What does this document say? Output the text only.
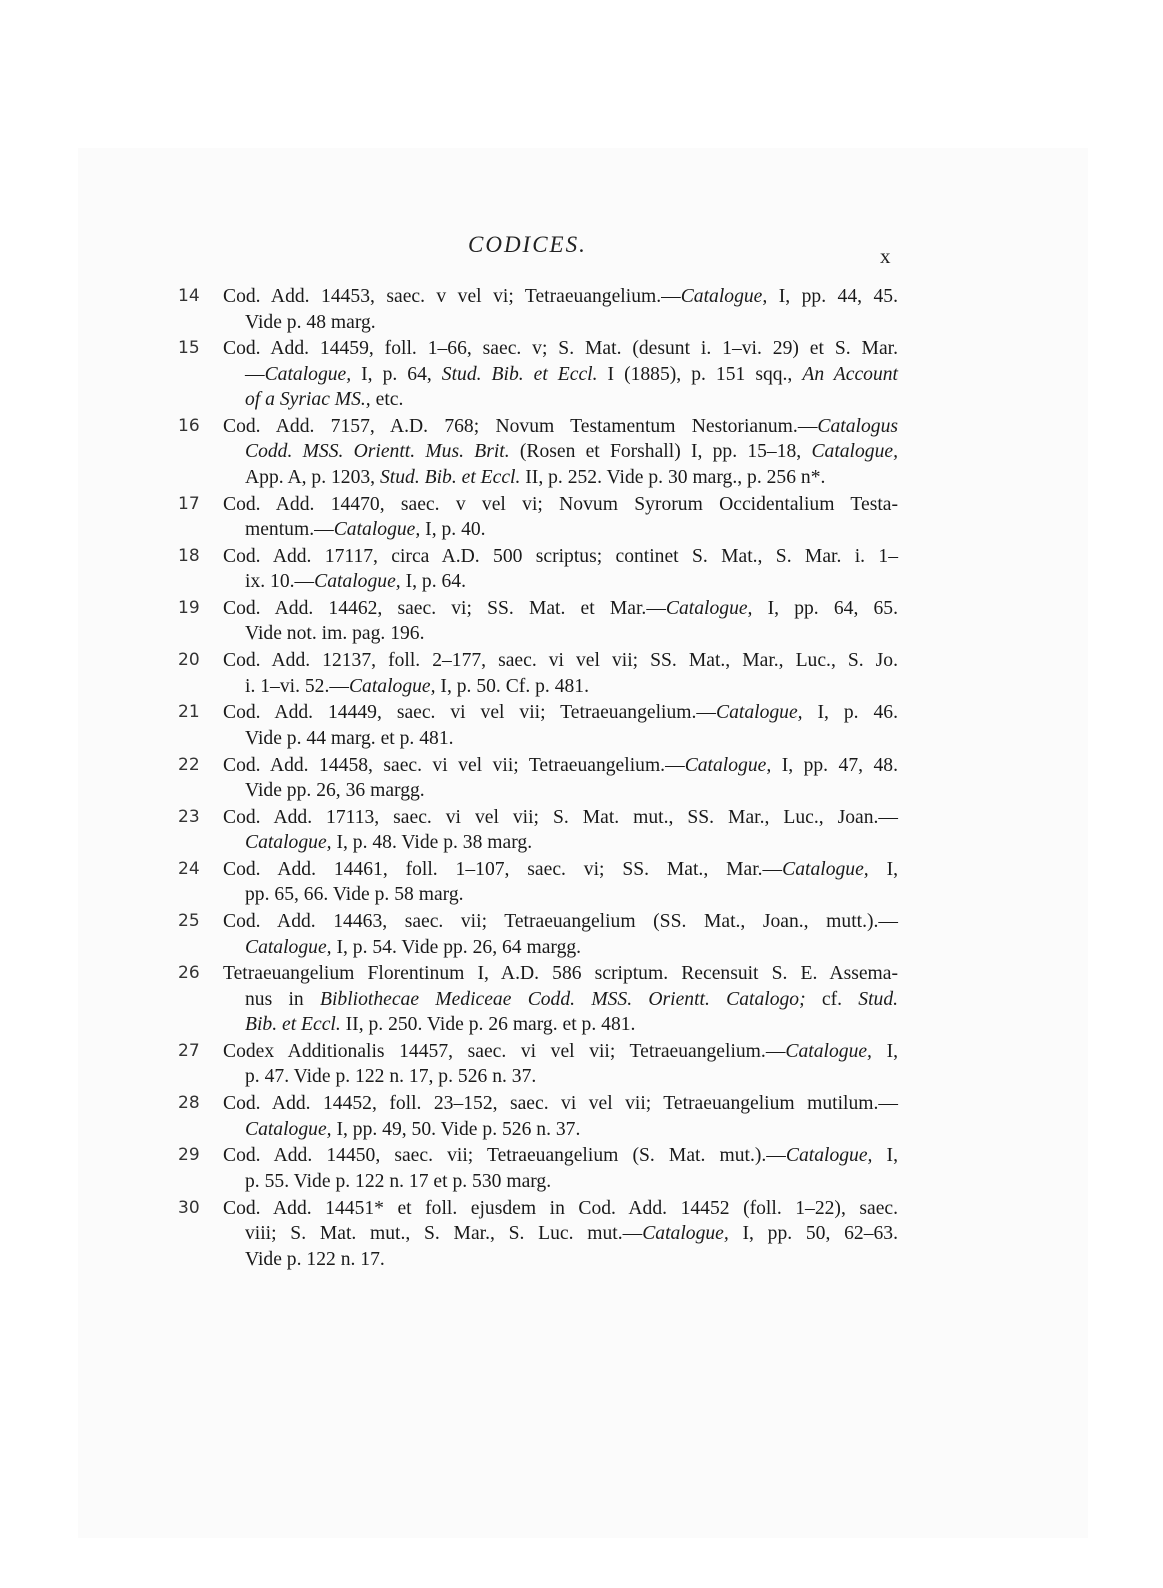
CODICES.	x
14	Cod. Add. 14453, saec. v vel vi; Tetraeuangelium.—Catalogue, I, pp. 44, 45.
Vide p. 48 marg.
15	Cod. Add. 14459, foll. 1–66, saec. v; S. Mat. (desunt i. 1–vi. 29) et S. Mar.
—Catalogue, I, p. 64, Stud. Bib. et Eccl. I (1885), p. 151 sqq., An Account
of a Syriac MS., etc.
16	Cod. Add. 7157, A.D. 768; Novum Testamentum Nestorianum.—Catalogus
Codd. MSS. Orientt. Mus. Brit. (Rosen et Forshall) I, pp. 15–18, Catalogue,
App. A, p. 1203, Stud. Bib. et Eccl. II, p. 252. Vide p. 30 marg., p. 256 n*.
17	Cod. Add. 14470, saec. v vel vi; Novum Syrorum Occidentalium Testa-
mentum.—Catalogue, I, p. 40.
18	Cod. Add. 17117, circa A.D. 500 scriptus; continet S. Mat., S. Mar. i. 1–
ix. 10.—Catalogue, I, p. 64.
19	Cod. Add. 14462, saec. vi; SS. Mat. et Mar.—Catalogue, I, pp. 64, 65.
Vide not. im. pag. 196.
20	Cod. Add. 12137, foll. 2–177, saec. vi vel vii; SS. Mat., Mar., Luc., S. Jo.
i. 1–vi. 52.—Catalogue, I, p. 50. Cf. p. 481.
21	Cod. Add. 14449, saec. vi vel vii; Tetraeuangelium.—Catalogue, I, p. 46.
Vide p. 44 marg. et p. 481.
22	Cod. Add. 14458, saec. vi vel vii; Tetraeuangelium.—Catalogue, I, pp. 47, 48.
Vide pp. 26, 36 margg.
23	Cod. Add. 17113, saec. vi vel vii; S. Mat. mut., SS. Mar., Luc., Joan.—
Catalogue, I, p. 48. Vide p. 38 marg.
24	Cod. Add. 14461, foll. 1–107, saec. vi; SS. Mat., Mar.—Catalogue, I,
pp. 65, 66. Vide p. 58 marg.
25	Cod. Add. 14463, saec. vii; Tetraeuangelium (SS. Mat., Joan., mutt.).—
Catalogue, I, p. 54. Vide pp. 26, 64 margg.
26	Tetraeuangelium Florentinum I, A.D. 586 scriptum. Recensuit S. E. Assema-
nus in Bibliothecae Mediceae Codd. MSS. Orientt. Catalogo; cf. Stud.
Bib. et Eccl. II, p. 250. Vide p. 26 marg. et p. 481.
27	Codex Additionalis 14457, saec. vi vel vii; Tetraeuangelium.—Catalogue, I,
p. 47. Vide p. 122 n. 17, p. 526 n. 37.
28	Cod. Add. 14452, foll. 23–152, saec. vi vel vii; Tetraeuangelium mutilum.—
Catalogue, I, pp. 49, 50. Vide p. 526 n. 37.
29	Cod. Add. 14450, saec. vii; Tetraeuangelium (S. Mat. mut.).—Catalogue, I,
p. 55. Vide p. 122 n. 17 et p. 530 marg.
30	Cod. Add. 14451* et foll. ejusdem in Cod. Add. 14452 (foll. 1–22), saec.
viii; S. Mat. mut., S. Mar., S. Luc. mut.—Catalogue, I, pp. 50, 62–63.
Vide p. 122 n. 17.
